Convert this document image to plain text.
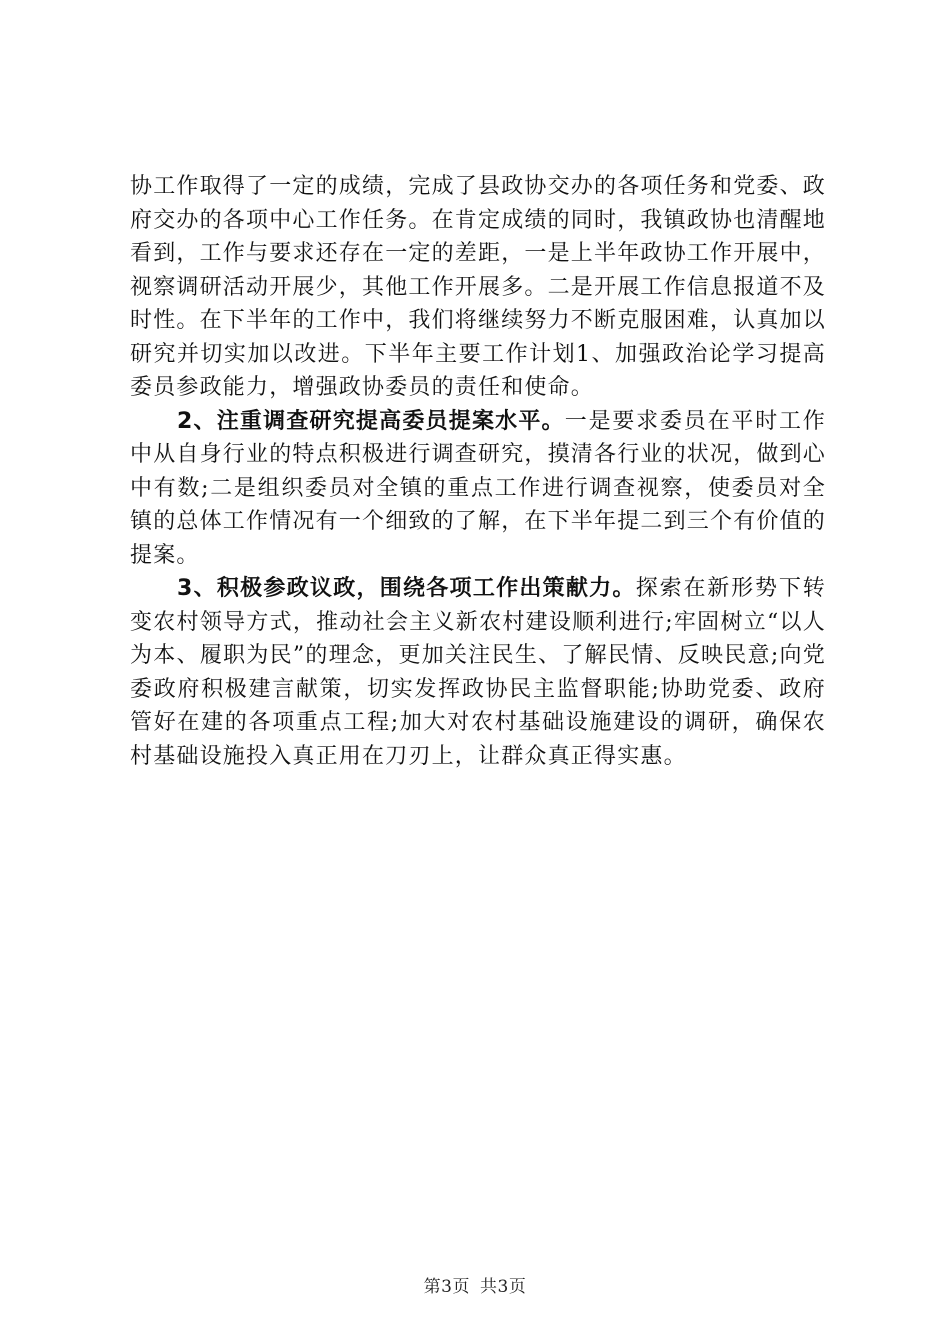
协工作取得了一定的成绩，完成了县政协交办的各项任务和党委、政府交办的各项中心工作任务。在肯定成绩的同时，我镇政协也清醒地看到，工作与要求还存在一定的差距，一是上半年政协工作开展中，视察调研活动开展少，其他工作开展多。二是开展工作信息报道不及时性。在下半年的工作中，我们将继续努力不断克服困难，认真加以研究并切实加以改进。下半年主要工作计划1、加强政治论学习提高委员参政能力，增强政协委员的责任和使命。

2、注重调查研究提高委员提案水平。一是要求委员在平时工作中从自身行业的特点积极进行调查研究，摸清各行业的状况，做到心中有数;二是组织委员对全镇的重点工作进行调查视察，使委员对全镇的总体工作情况有一个细致的了解，在下半年提二到三个有价值的提案。

3、积极参政议政，围绕各项工作出策献力。探索在新形势下转变农村领导方式，推动社会主义新农村建设顺利进行;牢固树立“以人为本、履职为民”的理念，更加关注民生、了解民情、反映民意;向党委政府积极建言献策，切实发挥政协民主监督职能;协助党委、政府管好在建的各项重点工程;加大对农村基础设施建设的调研，确保农村基础设施投入真正用在刀刃上，让群众真正得实惠。

第3页 共3页
